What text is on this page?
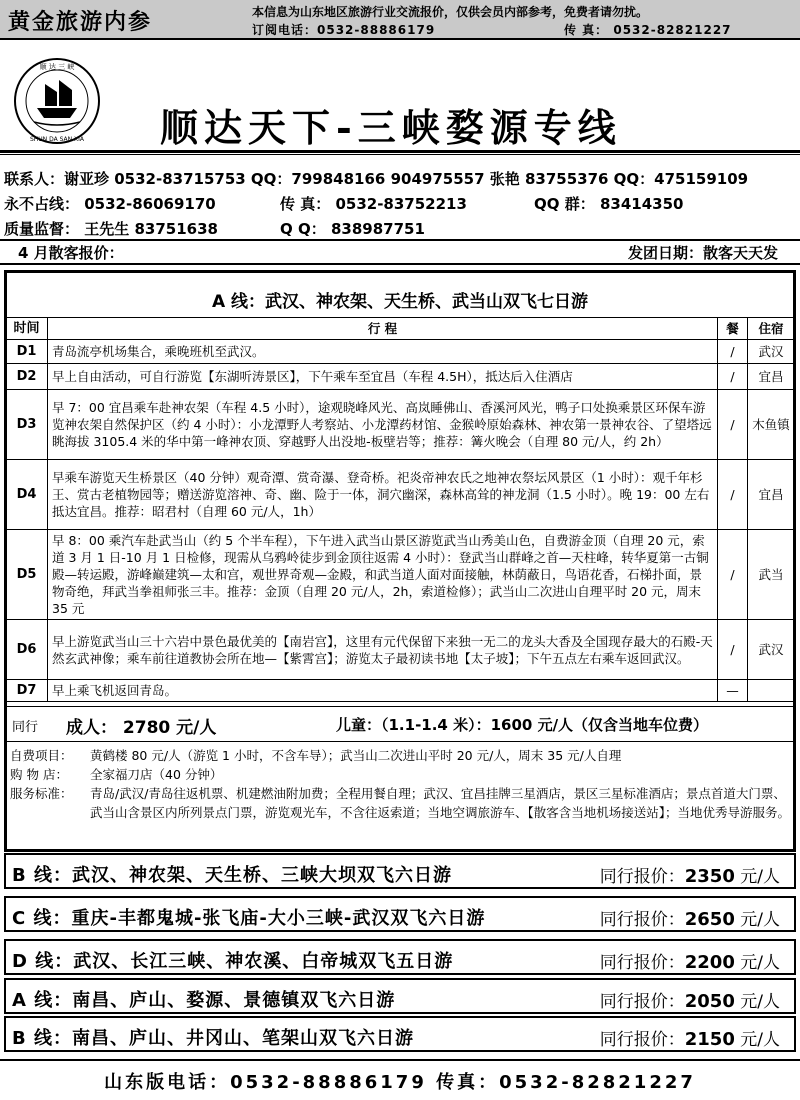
黄金旅游内参	本信息为山东地区旅游行业交流报价，仅供会员内部参考，免费者请勿扰。
订阅电话：0532-88886179	传 真： 0532-82821227
顺 达 三 峡
SHUN DA SAN XIA 顺达天下-三峡婺源专线
联系人：谢亚珍 0532-83715753 QQ：799848166 904975557 张艳 83755376 QQ：475159109
永不占线： 0532-86069170	传 真： 0532-83752213	QQ 群： 83414350
质量监督： 王先生 83751638	Q Q： 838987751
4 月散客报价：	发团日期：散客天天发
A 线：武汉、神农架、天生桥、武当山双飞七日游
时间	行 程	餐	住宿
D1	青岛流亭机场集合，乘晚班机至武汉。	/	武汉
D2	早上自由活动，可自行游览【东湖听涛景区】，下午乘车至宜昌（车程 4.5H），抵达后入住酒店	/	宜昌
D3	早 7：00 宜昌乘车赴神农架（车程 4.5 小时），途观晓峰风光、高岚睡佛山、香溪河风光，鸭子口处换乘景区环保车游览神农架自然保护区（约 4 小时）：小龙潭野人考察站、小龙潭药材馆、金猴岭原始森林、神农第一景神农谷、了望塔远眺海拔 3105.4 米的华中第一峰神农顶、穿越野人出没地-板壁岩等；推荐：篝火晚会（自理 80 元/人，约 2h）	/	木鱼镇
D4	早乘车游览天生桥景区（40 分钟）观奇潭、赏奇瀑、登奇桥。祀炎帝神农氏之地神农祭坛风景区（1 小时）：观千年杉王、赏古老植物园等；赠送游览溶神、奇、幽、险于一体，洞穴幽深，森林高耸的神龙洞（1.5 小时）。晚 19：00 左右抵达宜昌。推荐：昭君村（自理 60 元/人，1h）	/	宜昌
D5	早 8：00 乘汽车赴武当山（约 5 个半车程），下午进入武当山景区游览武当山秀美山色，自费游金顶（自理 20 元，索道 3 月 1 日-10 月 1 日检修，现需从乌鸦岭徒步到金顶往返需 4 小时）：登武当山群峰之首—天柱峰，转华夏第一古铜殿—转运殿，游峰巅建筑—太和宫，观世界奇观—金殿，和武当道人面对面接触，林荫蔽日，鸟语花香，石梯扑面，景物奇绝，拜武当拳祖师张三丰。推荐：金顶（自理 20 元/人，2h，索道检修）；武当山二次进山自理平时 20 元，周末 35 元	/	武当
D6	早上游览武当山三十六岩中景色最优美的【南岩宫】，这里有元代保留下来独一无二的龙头大香及全国现存最大的石殿-天然玄武神像；乘车前往道教协会所在地—【紫霄宫】；游览太子最初读书地【太子坡】；下午五点左右乘车返回武汉。	/	武汉
D7	早上乘飞机返回青岛。	—	
同行 成人： 2780 元/人	儿童：（1.1-1.4 米）：1600 元/人（仅含当地车位费）
自费项目：	黄鹤楼 80 元/人（游览 1 小时，不含车导）；武当山二次进山平时 20 元/人，周末 35 元/人自理
购 物 店：	全家福刀店（40 分钟）
服务标准：	青岛/武汉/青岛往返机票、机建燃油附加费；全程用餐自理；武汉、宜昌挂牌三星酒店，景区三星标准酒店；景点首道大门票、武当山含景区内所列景点门票，游览观光车，不含往返索道；当地空调旅游车、【散客含当地机场接送站】；当地优秀导游服务。
B 线：武汉、神农架、天生桥、三峡大坝双飞六日游	同行报价：2350 元/人
C 线：重庆-丰都鬼城-张飞庙-大小三峡-武汉双飞六日游	同行报价：2650 元/人
D 线：武汉、长江三峡、神农溪、白帝城双飞五日游	同行报价：2200 元/人
A 线：南昌、庐山、婺源、景德镇双飞六日游	同行报价：2050 元/人
B 线：南昌、庐山、井冈山、笔架山双飞六日游	同行报价：2150 元/人
山东版电话：0532-88886179 传真：0532-82821227
